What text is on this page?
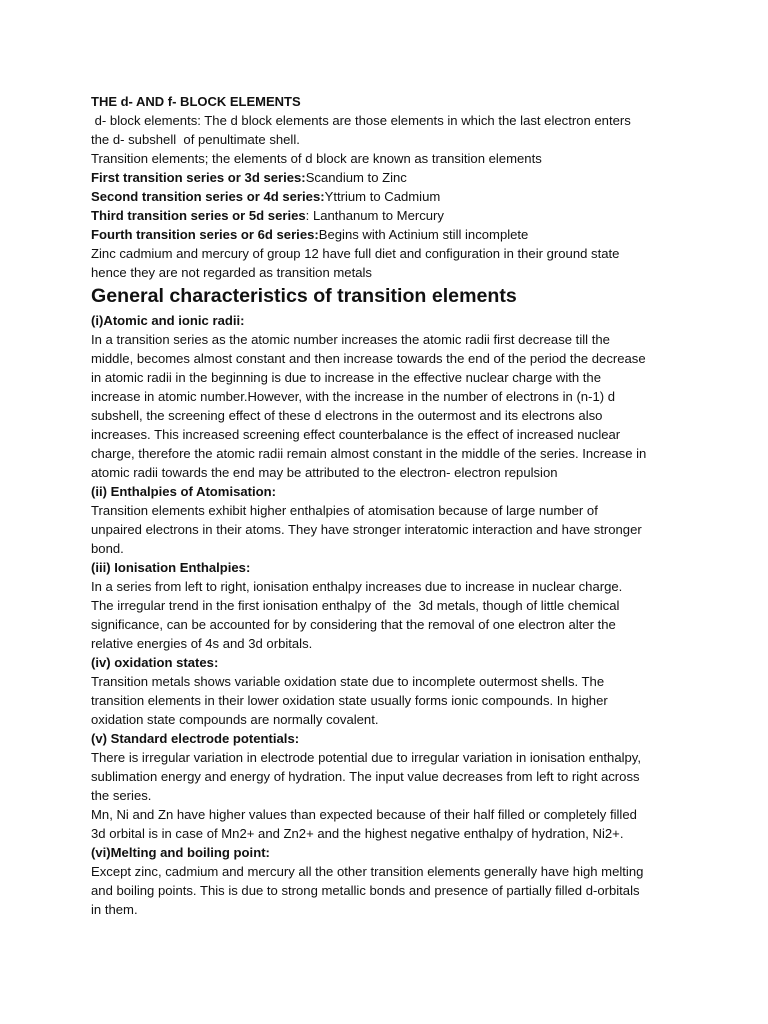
THE d- AND f- BLOCK ELEMENTS

d- block elements: The d block elements are those elements in which the last electron enters

the d- subshell  of penultimate shell.

Transition elements; the elements of d block are known as transition elements

First transition series or 3d series:Scandium to Zinc

Second transition series or 4d series:Yttrium to Cadmium

Third transition series or 5d series: Lanthanum to Mercury

Fourth transition series or 6d series:Begins with Actinium still incomplete

Zinc cadmium and mercury of group 12 have full diet and configuration in their ground state

hence they are not regarded as transition metals

General characteristics of transition elements

(i)Atomic and ionic radii:

In a transition series as the atomic number increases the atomic radii first decrease till the
middle, becomes almost constant and then increase towards the end of the period the decrease
in atomic radii in the beginning is due to increase in the effective nuclear charge with the
increase in atomic number.However, with the increase in the number of electrons in (n-1) d
subshell, the screening effect of these d electrons in the outermost and its electrons also
increases. This increased screening effect counterbalance is the effect of increased nuclear
charge, therefore the atomic radii remain almost constant in the middle of the series. Increase in
atomic radii towards the end may be attributed to the electron- electron repulsion

(ii) Enthalpies of Atomisation:

Transition elements exhibit higher enthalpies of atomisation because of large number of
unpaired electrons in their atoms. They have stronger interatomic interaction and have stronger
bond.

(iii) Ionisation Enthalpies:

In a series from left to right, ionisation enthalpy increases due to increase in nuclear charge.
The irregular trend in the first ionisation enthalpy of  the  3d metals, though of little chemical
significance, can be accounted for by considering that the removal of one electron alter the
relative energies of 4s and 3d orbitals.

(iv) oxidation states:

Transition metals shows variable oxidation state due to incomplete outermost shells. The
transition elements in their lower oxidation state usually forms ionic compounds. In higher
oxidation state compounds are normally covalent.

(v) Standard electrode potentials:

There is irregular variation in electrode potential due to irregular variation in ionisation enthalpy,
sublimation energy and energy of hydration. The input value decreases from left to right across
the series.
Mn, Ni and Zn have higher values than expected because of their half filled or completely filled
3d orbital is in case of Mn2+ and Zn2+ and the highest negative enthalpy of hydration, Ni2+.

(vi)Melting and boiling point:

Except zinc, cadmium and mercury all the other transition elements generally have high melting
and boiling points. This is due to strong metallic bonds and presence of partially filled d-orbitals
in them.
